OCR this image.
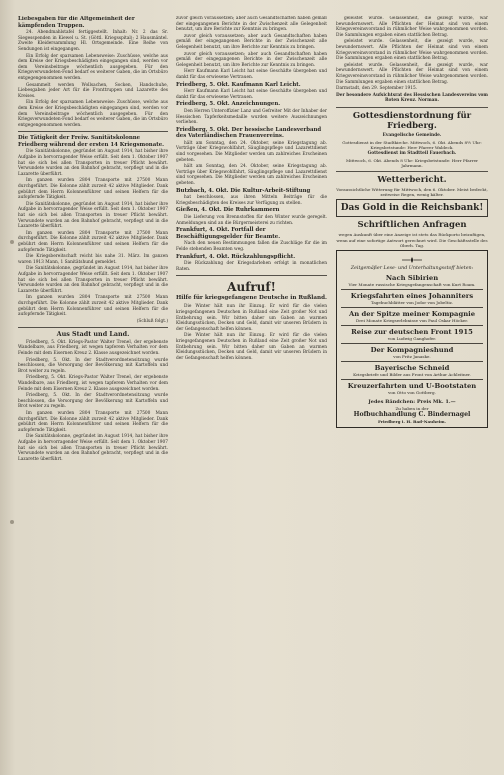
Liebesgaben für die Altgemeinheit der kämpfenden Truppen.
24. Abendmahlstafel fertiggestellt. Inhalt: Nr. 2 das Sr. Siegesspenden in Kiewel u. St. (Göttl. Kriegsspital); 2 Hausmäntel. Zweite Kleidersammlung Hl. Ortsgemeinde. Eine Reihe von Sendungen ist eingegangen.
Ein Erfolg der sparsamen Lebensweise: Zuschüsse, welche aus dem Kreise der Kriegsbeschädigten eingegangen sind, werden vor dem Vereinsbeitrage wöchentlich ausgegeben. Für den Kriegsverwundeten-Fond bedarf es weiterer Gaben, die im Ortsbüro entgegengenommen werden.
Gesammelt werden Wollsachen, Socken, Handschuhe, Liebesgaben jeder Art für die Fronttruppen und Lazarette des Kreises.
Ein Erfolg der sparsamen Lebensweise: Zuschüsse, welche aus dem Kreise der Kriegsbeschädigten eingegangen sind, werden vor dem Vereinsbeitrage wöchentlich ausgegeben. Für den Kriegsverwundeten-Fond bedarf es weiterer Gaben, die im Ortsbüro entgegengenommen werden.
Die Tätigkeit der Freiw. Sanitätskolonne Friedberg während der ersten 14 Kriegsmonate.
Die Sanitätskolonne, gegründet im August 1914, hat bisher ihre Aufgabe in hervorragender Weise erfüllt. Seit dem 1. Oktober 1907 hat sie sich bei allen Transporten in treuer Pflicht bewährt. Verwundete wurden an den Bahnhof gebracht, verpflegt und in die Lazarette überführt.
Im ganzen wurden 2804 Transporte mit 27500 Mann durchgeführt. Die Kolonne zählt zurzeit 42 aktive Mitglieder. Dank gebührt dem Herrn Kolonnenführer und seinen Helfern für die aufopfernde Tätigkeit.
Die Sanitätskolonne, gegründet im August 1914, hat bisher ihre Aufgabe in hervorragender Weise erfüllt. Seit dem 1. Oktober 1907 hat sie sich bei allen Transporten in treuer Pflicht bewährt. Verwundete wurden an den Bahnhof gebracht, verpflegt und in die Lazarette überführt.
Im ganzen wurden 2804 Transporte mit 27500 Mann durchgeführt. Die Kolonne zählt zurzeit 42 aktive Mitglieder. Dank gebührt dem Herrn Kolonnenführer und seinen Helfern für die aufopfernde Tätigkeit.
Die Kriegsbereitschaft reicht bis nahe 31. März. Im ganzen waren 1913 Mann, 1 Sanitätshund gemeldet.
Die Sanitätskolonne, gegründet im August 1914, hat bisher ihre Aufgabe in hervorragender Weise erfüllt. Seit dem 1. Oktober 1907 hat sie sich bei allen Transporten in treuer Pflicht bewährt. Verwundete wurden an den Bahnhof gebracht, verpflegt und in die Lazarette überführt.
Im ganzen wurden 2804 Transporte mit 27500 Mann durchgeführt. Die Kolonne zählt zurzeit 42 aktive Mitglieder. Dank gebührt dem Herrn Kolonnenführer und seinen Helfern für die aufopfernde Tätigkeit.
(Schluß folgt.)
Aus Stadt und Land.
Friedberg, 5. Okt. Kriegs-Pastor Walter Trenel, der ergebenste Wandelbare, aus Friedberg, ist wegen tapferem Verhalten vor dem Feinde mit dem Eisernen Kreuz 2. Klasse ausgezeichnet worden.
Friedberg, 5. Okt. In der Stadtverordnetensitzung wurde beschlossen, die Versorgung der Bevölkerung mit Kartoffeln und Brot weiter zu regeln.
Friedberg, 5. Okt. Kriegs-Pastor Walter Trenel, der ergebenste Wandelbare, aus Friedberg, ist wegen tapferem Verhalten vor dem Feinde mit dem Eisernen Kreuz 2. Klasse ausgezeichnet worden.
Friedberg, 5. Okt. In der Stadtverordnetensitzung wurde beschlossen, die Versorgung der Bevölkerung mit Kartoffeln und Brot weiter zu regeln.
Im ganzen wurden 2804 Transporte mit 27500 Mann durchgeführt. Die Kolonne zählt zurzeit 42 aktive Mitglieder. Dank gebührt dem Herrn Kolonnenführer und seinen Helfern für die aufopfernde Tätigkeit.
Die Sanitätskolonne, gegründet im August 1914, hat bisher ihre Aufgabe in hervorragender Weise erfüllt. Seit dem 1. Oktober 1907 hat sie sich bei allen Transporten in treuer Pflicht bewährt. Verwundete wurden an den Bahnhof gebracht, verpflegt und in die Lazarette überführt.
zuvor gleich voraussetzen; aber auch Gesandtschaften haben gemäß der eingegangenen Berichte in der Zwischenzeit alle Gelegenheit benutzt, um ihre Berichte zur Kenntnis zu bringen.
zuvor gleich voraussetzen; aber auch Gesandtschaften haben gemäß der eingegangenen Berichte in der Zwischenzeit alle Gelegenheit benutzt, um ihre Berichte zur Kenntnis zu bringen.
zuvor gleich voraussetzen; aber auch Gesandtschaften haben gemäß der eingegangenen Berichte in der Zwischenzeit alle Gelegenheit benutzt, um ihre Berichte zur Kenntnis zu bringen.
Herr Kaufmann Karl Leicht hat seine Geschäfte übergeben und dankt für das erwiesene Vertrauen.
Friedberg, 5. Okt. Kaufmann Karl Leicht.
Herr Kaufmann Karl Leicht hat seine Geschäfte übergeben und dankt für das erwiesene Vertrauen.
Friedberg, 5. Okt. Anzeichnungen.
Den Herren Unteroffizier Lanz und Gefreiter Mit der Inhaber der Hessischen Tapferkeitsmedaille wurden weitere Auszeichnungen verliehen.
Friedberg, 5. Okt. Der hessische Landesverband des Vaterländischen Frauenvereins.
hält am Sonntag, den 24. Oktober, seine Kriegstagung ab. Vorträge über Kriegswohlfahrt, Säuglingspflege und Lazarettdienst sind vorgesehen. Die Mitglieder werden um zahlreiches Erscheinen gebeten.
hält am Sonntag, den 24. Oktober, seine Kriegstagung ab. Vorträge über Kriegswohlfahrt, Säuglingspflege und Lazarettdienst sind vorgesehen. Die Mitglieder werden um zahlreiches Erscheinen gebeten.
Butzbach, 4. Okt. Die Kultur-Arbeit-Stiftung
hat beschlossen, aus ihren Mitteln Beiträge für die Kriegsbeschädigten des Kreises zur Verfügung zu stellen.
Gießen, 4. Okt. Die Ruhrkammern
Die Lieferung von Brennstoffen für den Winter wurde geregelt. Anmeldungen sind an die Bürgermeisterei zu richten.
Frankfurt, 4. Okt. Fortfall der Beschäftigungsgelder für Beamte.
Nach den neuen Bestimmungen fallen die Zuschläge für die im Felde stehenden Beamten weg.
Frankfurt, 4. Okt. Rückzahlungspflicht.
Die Rückzahlung der Kriegsdarlehen erfolgt in monatlichen Raten.
Aufruf!
Hilfe für kriegsgefangene Deutsche in Rußland.
Die Winter hält nun ihr Einzug. Er wird für die vielen kriegsgefangenen Deutschen in Rußland eine Zeit großer Not und Entbehrung sein. Wir bitten daher um Gaben an warmen Kleidungsstücken, Decken und Geld, damit wir unseren Brüdern in der Gefangenschaft helfen können.
Die Winter hält nun ihr Einzug. Er wird für die vielen kriegsgefangenen Deutschen in Rußland eine Zeit großer Not und Entbehrung sein. Wir bitten daher um Gaben an warmen Kleidungsstücken, Decken und Geld, damit wir unseren Brüdern in der Gefangenschaft helfen können.
geleistet wurde. Gelassenheit, die gezeigt wurde, war bewundernswert. Alle Pflichten der Heimat sind von einem Kriegsvereinsvorstand in rühmlicher Weise wahrgenommen worden. Die Sammlungen ergaben einen stattlichen Betrag.
geleistet wurde. Gelassenheit, die gezeigt wurde, war bewundernswert. Alle Pflichten der Heimat sind von einem Kriegsvereinsvorstand in rühmlicher Weise wahrgenommen worden. Die Sammlungen ergaben einen stattlichen Betrag.
geleistet wurde. Gelassenheit, die gezeigt wurde, war bewundernswert. Alle Pflichten der Heimat sind von einem Kriegsvereinsvorstand in rühmlicher Weise wahrgenommen worden. Die Sammlungen ergaben einen stattlichen Betrag.
Darmstadt, den 29. September 1915.
Der besondere Aufsichtsrat des Hessischen Landesvereins vom Roten Kreuz. Norman.
Gottesdienstordnung für Friedberg.
Evangelische Gemeinde.
Gottesdienst in der Stadtkirche. Mittwoch, 6. Okt. Abends 8½ Uhr: Kriegsbetstunde: Herr Pfarrer Waldeck.
Gottesdienst im Stadtteil Fauerbach.
Mittwoch, 6. Okt. Abends 8 Uhr: Kriegsbetstunde: Herr Pfarrer Jahrmann.
Wetterbericht.
Voraussichtliche Witterung für Mittwoch, den 6. Oktober. Meist bedeckt, zeitweise Regen, wenig kälter.
Das Gold in die Reichsbank!
Schriftlichen Anfragen
wegen Auskunft über eine Anzeige ist stets das Rückporto beizufügen, wenn auf eine sofortige Antwort gerechnet wird. Die Geschäftsstelle des Oberh. Tag.
Zeitgemäßer Lese- und Unterhaltungsstoff bieten:
Nach Sibirien
Vier Monate russische Kriegsgefangenschaft von Kurt Roam.
Kriegsfahrten eines Johanniters
Tagebuchblätter von Jodor von Jobeltiz.
An der Spitze meiner Kompagnie
Drei Monate Kriegserlebnisse von Paul Oskar Höcker.
Reise zur deutschen Front 1915
von Ludwig Ganghofer.
Der Kompagnieshund
von Fritz Janaske.
Bayerische Schneid
Kriegsbriefe und Bilder aus Front von Arthur Achleitner.
Kreuzerfahrten und U-Bootstaten
von Otto von Gottberg.
Jedes Bändchen: Preis Mk. 1.—
Zu haben in der
Hofbuchhandlung C. Bindernagel
Friedberg i. H. Bad-Nauheim.
